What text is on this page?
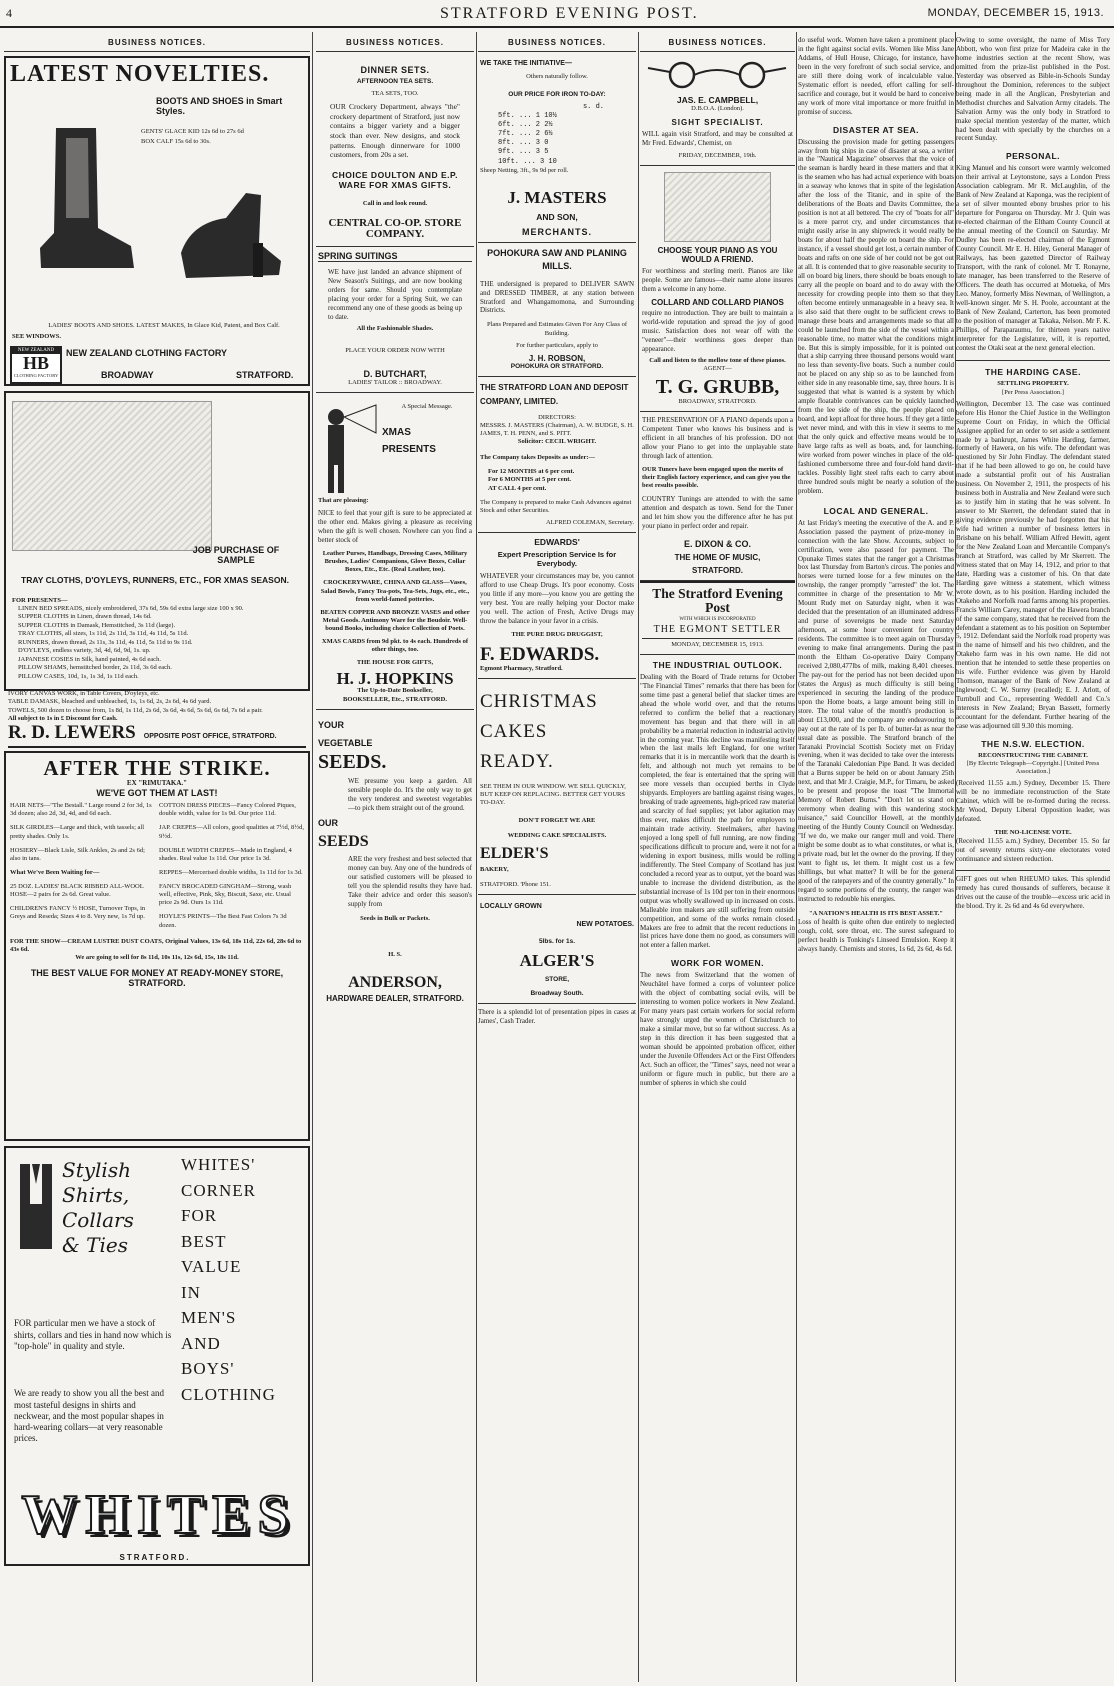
4	STRATFORD EVENING POST.	MONDAY, DECEMBER 15, 1913.
BUSINESS NOTICES.
LATEST NOVELTIES.
BOOTS AND SHOES in Smart Styles.
GENTS' GLACE KID 12s 6d to 27s 6d
BOX CALF 15s 6d to 30s.
LADIES' BOOTS AND SHOES. LATEST MAKES, In Glace Kid, Patent, and Box Calf.
SEE WINDOWS.
NEW ZEALAND CLOTHING FACTORY
NEW ZEALAND
HB
CLOTHING FACTORY	BROADWAY	STRATFORD.
JOB PURCHASE OF SAMPLE
TRAY CLOTHS, D'OYLEYS, RUNNERS, ETC., FOR XMAS SEASON.
FOR PRESENTS—
LINEN BED SPREADS, nicely embroidered, 37s 6d, 59s 6d extra large size 100 x 90.
SUPPER CLOTHS in Linen, drawn thread, 14s 6d.
SUPPER CLOTHS in Damask, Hemstitched, 3s 11d (large).
TRAY CLOTHS, all sizes, 1s 11d, 2s 11d, 3s 11d, 4s 11d, 5s 11d.
RUNNERS, drawn thread, 2s 11s, 3s 11d, 4s 11d, 5s 11d to 9s 11d.
D'OYLEYS, endless variety, 3d, 4d, 6d, 9d, 1s. up.
JAPANESE COSIES in Silk, hand painted, 4s 6d each.
PILLOW SHAMS, hemstitched border, 2s 11d, 3s 6d each.
PILLOW CASES, 10d, 1s, 1s 3d, 1s 11d each.
IVORY CANVAS WORK, in Table Covers, D'oyleys, etc.
TABLE DAMASK, bleached and unbleached, 1s, 1s 6d, 2s, 2s 6d, 4s 6d yard.
TOWELS, 500 dozen to choose from, 1s 8d, 1s 11d, 2s 6d, 3s 6d, 4s 6d, 5s 6d, 6s 6d, 7s 6d a pair.
All subject to 1s in £ Discount for Cash.
R. D. LEWERS OPPOSITE POST OFFICE, STRATFORD.
AFTER THE STRIKE.
EX "RIMUTAKA."
WE'VE GOT THEM AT LAST!
HAIR NETS—"The Bestall." Large round 2 for 3d, 1s 3d dozen; also 2d, 3d, 4d, and 6d each.
SILK GIRDLES—Large and thick, with tassels; all pretty shades. Only 1s.
HOSIERY—Black Lisle, Silk Ankles, 2s and 2s 6d; also in tans.
What We've Been Waiting for—
25 DOZ. LADIES' BLACK RIBBED ALL-WOOL HOSE—2 pairs for 2s 6d. Great value.
CHILDREN'S FANCY ½ HOSE, Turnover Tops, in Greys and Reseda; Sizes 4 to 8. Very new, 1s 7d up.
COTTON DRESS PIECES—Fancy Colored Piques, double width, value for 1s 9d. Our price 11d.
JAP. CREPES—All colors, good qualities at 7½d, 8½d, 9½d.
DOUBLE WIDTH CREPES—Made in England, 4 shades. Real value 1s 11d. Our price 1s 3d.
REPPES—Mercerised double widths, 1s 11d for 1s 3d.
FANCY BROCADED GINGHAM—Strong, wash well, effective, Pink, Sky, Biscuit, Saxe, etc. Usual price 2s 9d. Ours 1s 11d.
HOYLE'S PRINTS—The Best Fast Colors 7s 3d dozen.
FOR THE SHOW—CREAM LUSTRE DUST COATS, Original Values, 13s 6d, 18s 11d, 22s 6d, 28s 6d to 43s 6d.
We are going to sell for 8s 11d, 10s 11s, 12s 6d, 15s, 18s 11d.
THE BEST VALUE FOR MONEY AT READY-MONEY STORE, STRATFORD.
Stylish
Shirts,
Collars
& Ties
WHITES'
CORNER
FOR
BEST
VALUE
IN
MEN'S
AND
BOYS'
CLOTHING
FOR particular men we have a stock of shirts, collars and ties in hand now which is "top-hole" in quality and style.
We are ready to show you all the best and most tasteful designs in shirts and neckwear, and the most popular shapes in hard-wearing collars—at very reasonable prices.
WHITES
STRATFORD.
BUSINESS NOTICES.
DINNER SETS.
AFTERNOON TEA SETS.
TEA SETS, TOO.
OUR Crockery Department, always "the" crockery department of Stratford, just now contains a bigger variety and a bigger stock than ever. New designs, and stock patterns. Enough dinnerware for 1000 customers, from 20s a set.
CHOICE DOULTON AND E.P. WARE FOR XMAS GIFTS.
Call in and look round.
CENTRAL CO-OP. STORE COMPANY.
SPRING SUITINGS
WE have just landed an advance shipment of New Season's Suitings, and are now booking orders for same. Should you contemplate placing your order for a Spring Suit, we can recommend any one of these goods as being up to date.
All the Fashionable Shades.
PLACE YOUR ORDER NOW WITH
D. BUTCHART,
LADIES' TAILOR :: BROADWAY.
A Special Message.
XMAS
PRESENTS
That are pleasing:
NICE to feel that your gift is sure to be appreciated at the other end. Makes giving a pleasure as receiving when the gift is well chosen. Nowhere can you find a better stock of
Leather Purses, Handbags, Dressing Cases, Military Brushes, Ladies' Companions, Glove Boxes, Collar Boxes, Etc., Etc. (Real Leather, too).
CROCKERYWARE, CHINA AND GLASS—Vases, Salad Bowls, Fancy Tea-pots, Tea-Sets, Jugs, etc., etc., from world-famed potteries.
BEATEN COPPER AND BRONZE VASES and other Metal Goods. Antimony Ware for the Boudoir. Well-bound Books, including choice Collection of Poets.
XMAS CARDS from 9d pkt. to 4s each. Hundreds of other things, too.
THE HOUSE FOR GIFTS,
H. J. HOPKINS
The Up-to-Date Bookseller,
BOOKSELLER, Etc., STRATFORD.
YOUR
VEGETABLE
SEEDS.
WE presume you keep a garden. All sensible people do. It's the only way to get the very tenderest and sweetest vegetables—to pick them straight out of the ground.
OUR
SEEDS
ARE the very freshest and best selected that money can buy. Any one of the hundreds of our satisfied customers will be pleased to tell you the splendid results they have had. Take their advice and order this season's supply from
Seeds in Bulk or Packets.
H. S.
ANDERSON,
HARDWARE DEALER, STRATFORD.
BUSINESS NOTICES.
WE TAKE THE INITIATIVE—
Others naturally follow.
OUR PRICE FOR IRON TO-DAY:
s. d.
5ft. ... 1 10½
6ft. ... 2 2½
7ft. ... 2 6½
8ft. ... 3 0
9ft. ... 3 5
10ft. ... 3 10
Sheep Netting, 3ft., 9s 9d per roll.
J. MASTERS
AND SON,
MERCHANTS.
POHOKURA SAW AND PLANING MILLS.
THE undersigned is prepared to DELIVER SAWN and DRESSED TIMBER, at any station between Stratford and Whangamomona, and Surrounding Districts.
Plans Prepared and Estimates Given For Any Class of Building.
For further particulars, apply to
J. H. ROBSON,
POHOKURA OR STRATFORD.
THE STRATFORD LOAN AND DEPOSIT COMPANY, LIMITED.
DIRECTORS:
MESSRS. J. MASTERS (Chairman), A. W. BUDGE, S. H. JAMES, T. H. PENN, and S. PITT.
Solicitor: CECIL WRIGHT.
The Company takes Deposits as under:—
For 12 MONTHS at 6 per cent.
For 6 MONTHS at 5 per cent.
AT CALL 4 per cent.
The Company is prepared to make Cash Advances against Stock and other Securities.
ALFRED COLEMAN, Secretary.
EDWARDS'
Expert Prescription Service Is for Everybody.
WHATEVER your circumstances may be, you cannot afford to use Cheap Drugs. It's poor economy. Costs you little if any more—you know you are getting the very best. You are really helping your Doctor make you well. The action of Fresh, Active Drugs may throw the balance in your favor in a crisis.
THE PURE DRUG DRUGGIST,
F. EDWARDS.
Egmont Pharmacy, Stratford.
CHRISTMAS
CAKES
READY.
SEE THEM IN OUR WINDOW. WE SELL QUICKLY, BUT KEEP ON REPLACING. BETTER GET YOURS TO-DAY.
DON'T FORGET WE ARE
WEDDING CAKE SPECIALISTS.
ELDER'S
BAKERY,
STRATFORD. 'Phone 151.
LOCALLY GROWN
NEW POTATOES.
5lbs. for 1s.
ALGER'S
STORE,
Broadway South.
There is a splendid lot of presentation pipes in cases at James', Cash Trader.
BUSINESS NOTICES.
JAS. E. CAMPBELL,
D.B.O.A. (London).
SIGHT SPECIALIST.
WILL again visit Stratford, and may be consulted at Mr Fred. Edwards', Chemist, on
FRIDAY, DECEMBER, 19th.
CHOOSE YOUR PIANO AS YOU WOULD A FRIEND.
For worthiness and sterling merit. Pianos are like people. Some are famous—their name alone insures them a welcome in any home.
COLLARD AND COLLARD PIANOS
require no introduction. They are built to maintain a world-wide reputation and spread the joy of good music. Satisfaction does not wear off with the "veneer"—their worthiness goes deeper than appearance.
Call and listen to the mellow tone of these pianos.
AGENT—
T. G. GRUBB,
BROADWAY, STRATFORD.
THE PRESERVATION OF A PIANO depends upon a Competent Tuner who knows his business and is efficient in all branches of his profession. DO not allow your Piano to get into the unplayable state through lack of attention.
OUR Tuners have been engaged upon the merits of their English factory experience, and can give you the best results possible.
COUNTRY Tunings are attended to with the same attention and despatch as town. Send for the Tuner and let him show you the difference after he has put your piano in perfect order and repair.
E. DIXON & CO.
THE HOME OF MUSIC,
STRATFORD.
The Stratford Evening Post
WITH WHICH IS INCORPORATED
THE EGMONT SETTLER
MONDAY, DECEMBER 15, 1913.
THE INDUSTRIAL OUTLOOK.
Dealing with the Board of Trade returns for October "The Financial Times" remarks that there has been for some time past a general belief that slacker times are ahead the whole world over, and that the returns referred to confirm the belief that a reactionary movement has begun and that there will in all probability be a material reduction in industrial activity in the coming year. This decline was manifesting itself when the last mails left England, for one writer remarks that it is in mercantile work that the dearth is felt, and although not much yet remains to be completed, the fear is entertained that the spring will see more vessels than occupied berths in Clyde shipyards. Employers are battling against rising wages, breaking of trade agreements, high-priced raw material and scarcity of fuel supplies; yet labor agitation may thus ever, makes difficult the path for employers to maintain trade activity. Steelmakers, after having enjoyed a long spell of full running, are now finding specifications difficult to procure and, were it not for a widening in export business, mills would be rolling indifferently. The Steel Company of Scotland has just concluded a record year as to output, yet the board was unable to increase the dividend distribution, as the substantial increase of 1s 10d per ton in their enormous output was wholly swallowed up in increased on costs. Malleable iron makers are still suffering from outside competition, and some of the works remain closed. Makers are free to admit that the recent reductions in list prices have done them no good, as consumers will not enter a fallen market.
WORK FOR WOMEN.
The news from Switzerland that the women of Neuchâtel have formed a corps of volunteer police with the object of combatting social evils, will be interesting to women police workers in New Zealand. For many years past certain workers for social reform have strongly urged the women of Christchurch to make a similar move, but so far without success. As a step in this direction it has been suggested that a woman should be appointed probation officer, either under the Juvenile Offenders Act or the First Offenders Act. Such an officer, the "Times" says, need not wear a uniform or figure much in public, but there are a number of spheres in which she could
do useful work. Women have taken a prominent place in the fight against social evils. Women like Miss Jane Addams, of Hull House, Chicago, for instance, have been in the very forefront of such social service, and are still there doing work of incalculable value. Systematic effort is needed, effort calling for self-sacrifice and courage, but it would be hard to conceive any work of more vital importance or more fruitful in promise of success.
DISASTER AT SEA.
Discussing the provision made for getting passengers away from big ships in case of disaster at sea, a writer in the "Nautical Magazine" observes that the voice of the seaman is hardly heard in these matters and that it is the seamen who has had actual experience with boats in a seaway who knows that in spite of the legislation after the loss of the Titanic, and in spite of the deliberations of the Boats and Davits Committee, the position is not at all bettered. The cry of "boats for all" is a mere parrot cry, and under circumstances that might easily arise in any shipwreck it would really be boats for about half the people on board the ship. For instance, if a vessel should get lost, a certain number of boats and rafts on one side of her could not be got out at all. It is contended that to give reasonable security to all on board big liners, there should be boats enough to carry all the people on board and to do away with the necessity for crowding people into them so that they often become entirely unmanageable in a heavy sea. It is also said that there ought to be sufficient crews to manage these boats and arrangements made so that all could be launched from the side of the vessel within a reasonable time, no matter what the conditions might be. But this is simply impossible, for it is pointed out that a ship carrying three thousand persons would want no less than seventy-five boats. Such a number could not be placed on any ship so as to be launched from either side in any reasonable time, say, three hours. It is suggested that what is wanted is a system by which ample floatable contrivances can be quickly launched from the lee side of the ship, the people placed on board, and kept afloat for three hours. If they get a little wet never mind, and with this in view it seems to me that the only quick and effective means would be to have large rafts as well as boats, and, for launching, wire worked from power winches in place of the old-fashioned cumbersome three and four-fold hand davit-tackles. Possibly light steel rafts each to carry about three hundred souls might be nearly a solution of the problem.
LOCAL AND GENERAL.
At last Friday's meeting the executive of the A. and P. Association passed the payment of prize-money in connection with the late Show. Accounts, subject to certification, were also passed for payment. The Opunake Times states that the ranger got a Christmas box last Thursday from Barton's circus. The ponies and horses were turned loose for a few minutes on the township, the ranger promptly "arrested" the lot. The committee in charge of the presentation to Mr W. Mount Rudy met on Saturday night, when it was decided that the presentation of an illuminated address and purse of sovereigns be made next Saturday afternoon, at some hour convenient for country residents. The committee is to meet again on Thursday evening to make final arrangements. During the past month the Eltham Co-operative Dairy Company received 2,080,477lbs of milk, making 8,401 cheeses. The pay-out for the period has not been decided upon (states the Argus) as much difficulty is still being experienced in securing the landing of the produce upon the Home boats, a large amount being still in store. The total value of the month's production is about £13,000, and the company are endeavouring to pay out at the rate of 1s per lb. of butter-fat as near the usual date as possible. The Stratford branch of the Taranaki Provincial Scottish Society met on Friday evening, when it was decided to take over the interests of the Taranaki Caledonian Pipe Band. It was decided that a Burns supper be held on or about January 25th next, and that Mr J. Craigie, M.P., for Timaru, be asked to be present and propose the toast "The Immortal Memory of Robert Burns." "Don't let us stand on ceremony when dealing with this wandering stock nuisance," said Councillor Howell, at the monthly meeting of the Huntly County Council on Wednesday. "If we do, we make our ranger mull and void. There might be some doubt as to what constitutes, or what is, a private road, but let the owner do the proving. If they want to fight us, let them. It might cost us a few shillings, but what matter? It will be for the general good of the ratepayers and of the country generally." In regard to some portions of the county, the ranger was instructed to redouble his energies.
"A NATION'S HEALTH IS ITS BEST ASSET."
Loss of health is quite often due entirely to neglected cough, cold, sore throat, etc. The surest safeguard to perfect health is Tonking's Linseed Emulsion. Keep it always handy. Chemists and stores, 1s 6d, 2s 6d, 4s 6d.
Owing to some oversight, the name of Miss Tory Abbott, who won first prize for Madeira cake in the home industries section at the recent Show, was omitted from the prize-list published in the Post. Yesterday was observed as Bible-in-Schools Sunday throughout the Dominion, references to the subject being made in all the Anglican, Presbyterian and Methodist churches and Salvation Army citadels. The Salvation Army was the only body in Stratford to make special mention yesterday of the matter, which had been dealt with specially by the churches on a recent Sunday.
PERSONAL.
King Manuel and his consort were warmly welcomed on their arrival at Leytonstone, says a London Press Association cablegram. Mr R. McLaughlin, of the Bank of New Zealand at Kaponga, was the recipient of a set of silver mounted ebony brushes prior to his departure for Pongaroa on Thursday. Mr J. Quin was re-elected chairman of the Eltham County Council at the annual meeting of the Council on Saturday. Mr Dudley has been re-elected chairman of the Egmont County Council. Mr E. H. Hiley, General Manager of Railways, has been gazetted Director of Railway Transport, with the rank of colonel. Mr T. Ronayne, late manager, has been transferred to the Reserve of Officers. The death has occurred at Motueka, of Mrs Leo. Manoy, formerly Miss Newman, of Wellington, a well-known singer. Mr S. H. Poole, accountant at the Bank of New Zealand, Carterton, has been promoted to the position of manager at Takaka, Nelson. Mr F. K. Phillips, of Paraparaumu, for thirteen years native interpreter for the Legislature, will, it is reported, contest the Otaki seat at the next general election.
THE HARDING CASE.
SETTLING PROPERTY.
[Per Press Association.]
Wellington, December 13. The case was continued before His Honor the Chief Justice in the Wellington Supreme Court on Friday, in which the Official Assignee applied for an order to set aside a settlement made by a bankrupt, James White Harding, farmer, formerly of Hawera, on his wife. The defendant was questioned by Sir John Findlay. The defendant stated that if he had been allowed to go on, he could have made a substantial profit out of his Australian business. On November 2, 1911, the prospects of his business both in Australia and New Zealand were such as to justify him in stating that he was solvent. In answer to Mr Skerrett, the defendant stated that in giving evidence previously he had forgotten that his wife had written a number of business letters in Brisbane on his behalf. William Alfred Hewitt, agent for the New Zealand Loan and Mercantile Company's branch at Stratford, was called by Mr Skerrett. The witness stated that on May 14, 1912, and prior to that date, Harding was a customer of his. On that date Harding gave witness a statement, which witness wrote down, as to his position. Harding included the Otakeho and Norfolk road farms among his properties. Francis William Carey, manager of the Hawera branch of the same company, stated that he received from the defendant a statement as to his position on September 5, 1912. Defendant said the Norfolk road property was in the name of himself and his two children, and the Otakeho farm was in his own name. He did not mention that he intended to settle these properties on his wife. Further evidence was given by Harold Thomson, manager of the Bank of New Zealand at Inglewood; C. W. Surrey (recalled); E. J. Arlott, of Turnbull and Co., representing Weddell and Co.'s interests in New Zealand; Bryan Bassett, formerly accountant for the defendant. Further hearing of the case was adjourned till 9.30 this morning.
THE N.S.W. ELECTION.
RECONSTRUCTING THE CABINET.
[By Electric Telegraph—Copyright.] [United Press Association.]
(Received 11.55 a.m.) Sydney, December 15. There will be no immediate reconstruction of the State Cabinet, which will be re-formed during the recess. Mr Wood, Deputy Liberal Opposition leader, was defeated.
THE NO-LICENSE VOTE.
(Received 11.55 a.m.) Sydney, December 15. So far out of seventy returns sixty-one electorates voted continuance and sixteen reduction.
GIFT goes out when RHEUMO takes. This splendid remedy has cured thousands of sufferers, because it drives out the cause of the trouble—excess uric acid in the blood. Try it. 2s 6d and 4s 6d everywhere.
